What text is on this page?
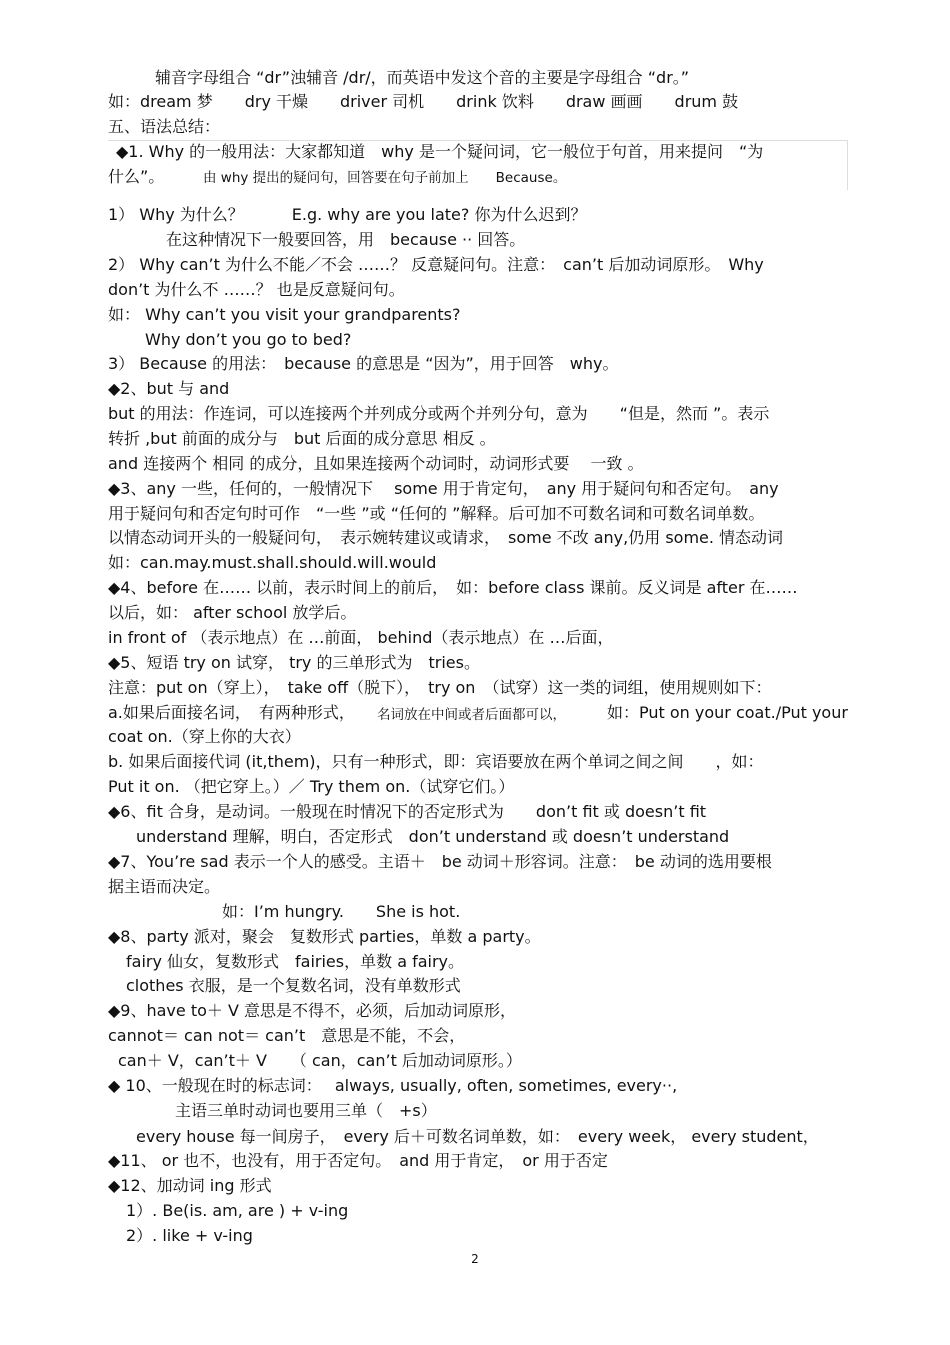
辅音字母组合 “dr”浊辅音 /dr/，而英语中发这个音的主要是字母组合 “dr。”
如：dream 梦　　dry 干燥　　driver 司机　　drink 饮料　　draw 画画　　drum 鼓
五、语法总结：
◆1. Why 的一般用法：大家都知道　why 是一个疑问词，它一般位于句首，用来提问　“为
什么”。	由 why 提出的疑问句，回答要在句子前加上　　Because。
1） Why 为什么？　　　E.g. why are you late? 你为什么迟到？
在这种情况下一般要回答，用　because ·· 回答。
2） Why can’t 为什么不能／不会 ……？ 反意疑问句。注意：　can’t 后加动词原形。　Why
don’t 为什么不 ……？ 也是反意疑问句。
如： Why can’t you visit your grandparents?
Why don’t you go to bed?
3） Because 的用法：　because 的意思是 “因为”，用于回答　why。
◆2、but 与 and
but 的用法：作连词，可以连接两个并列成分或两个并列分句，意为　　“但是，然而 ”。表示
转折 ,but 前面的成分与　but 后面的成分意思 相反 。
and 连接两个 相同 的成分，且如果连接两个动词时，动词形式要　 一致 。
◆3、any 一些，任何的，一般情况下　 some 用于肯定句，　any 用于疑问句和否定句。　any
用于疑问句和否定句时可作　“一些 ”或 “任何的 ”解释。后可加不可数名词和可数名词单数。
以情态动词开头的一般疑问句，　表示婉转建议或请求，　some 不改 any,仍用 some. 情态动词
如：can.may.must.shall.should.will.would
◆4、before 在…… 以前，表示时间上的前后，　如：before class 课前。反义词是 after 在……
以后，如： after school 放学后。
in front of （表示地点）在 …前面， behind（表示地点）在 …后面，
◆5、短语 try on 试穿， try 的三单形式为　tries。
注意：put on（穿上），　take off（脱下），　try on　（试穿）这一类的词组，使用规则如下：
a.如果后面接名词，　有两种形式，	名词放在中间或者后面都可以，	如：Put on your coat./Put your
coat on.（穿上你的大衣）
b. 如果后面接代词 (it,them)，只有一种形式，即：宾语要放在两个单词之间之间　　，如：
Put it on. （把它穿上。）／ Try them on.（试穿它们。）
◆6、fit 合身，是动词。一般现在时情况下的否定形式为　　don’t fit 或 doesn’t fit
understand 理解，明白，否定形式　don’t understand 或 doesn’t understand
◆7、You’re sad 表示一个人的感受。主语＋　be 动词＋形容词。注意：　be 动词的选用要根
据主语而决定。
如：I’m hungry.　　She is hot.
◆8、party 派对，聚会　复数形式 parties，单数 a party。
fairy 仙女，复数形式　fairies，单数 a fairy。
clothes 衣服，是一个复数名词，没有单数形式
◆9、have to＋ V 意思是不得不，必须，后加动词原形，
cannot＝ can not＝ can’t　意思是不能，不会，
can＋ V，can’t＋ V　　（ can，can’t 后加动词原形。）
◆ 10、一般现在时的标志词：　 always, usually, often, sometimes, every··,
主语三单时动词也要用三单（　+s）
every house 每一间房子，　every 后＋可数名词单数，如：　every week， every student，
◆11、 or 也不，也没有，用于否定句。　and 用于肯定，　or 用于否定
◆12、加动词 ing 形式
1）. Be(is. am, are ) + v-ing
2）. like + v-ing
2
